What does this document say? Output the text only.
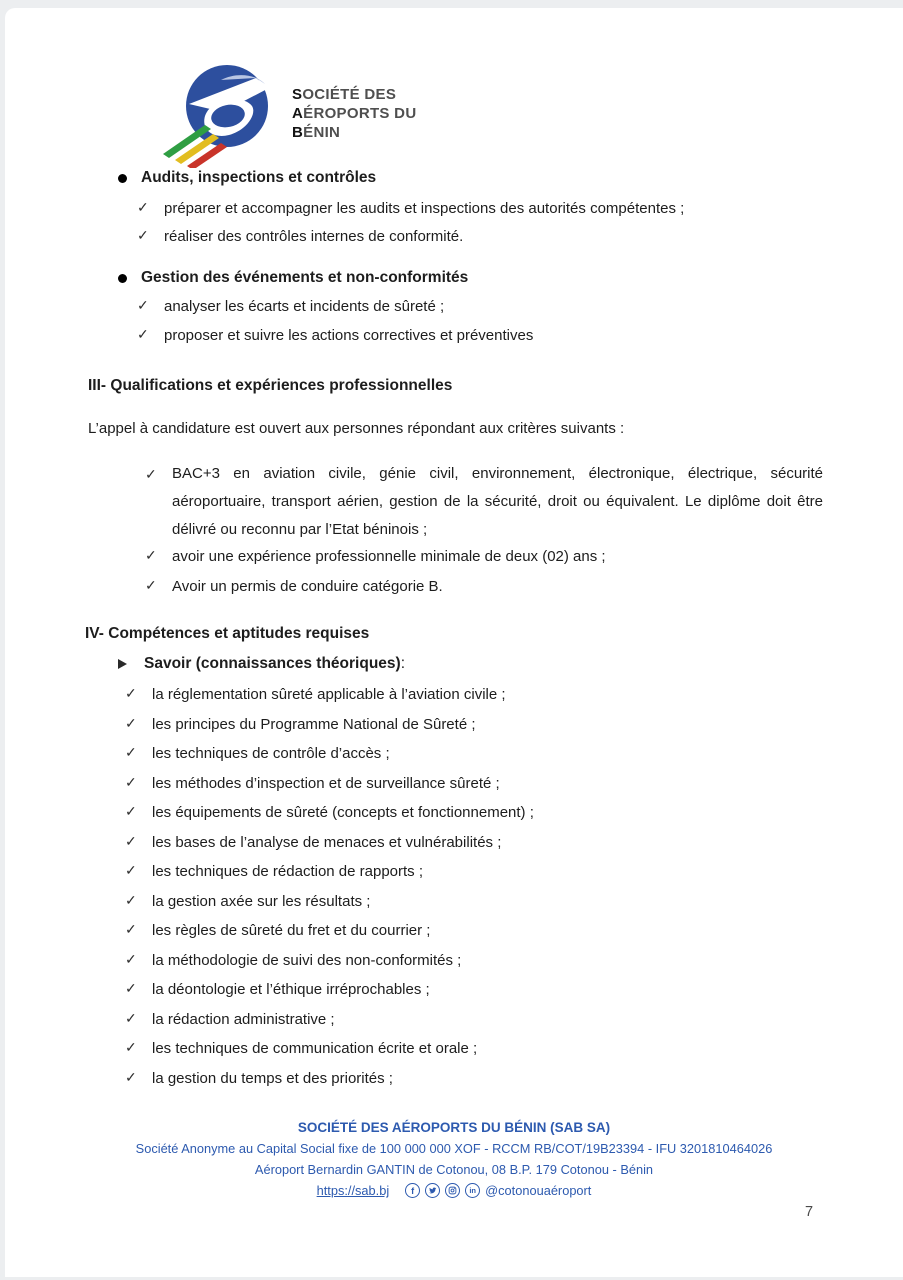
SOCIÉTÉ DES
AÉROPORTS DU
BÉNIN
Audits, inspections et contrôles
✓	préparer et accompagner les audits et inspections des autorités compétentes ;
✓	réaliser des contrôles internes de conformité.
Gestion des événements et non-conformités
✓	analyser les écarts et incidents de sûreté ;
✓	proposer et suivre les actions correctives et préventives
III- Qualifications et expériences professionnelles
L’appel à candidature est ouvert aux personnes répondant aux critères suivants :
✓	BAC+3 en aviation civile, génie civil, environnement, électronique, électrique, sécurité aéroportuaire, transport aérien, gestion de la sécurité, droit ou équivalent. Le diplôme doit être délivré ou reconnu par l’Etat béninois ;
✓	avoir une expérience professionnelle minimale de deux (02) ans ;
✓	Avoir un permis de conduire catégorie B.
IV- Compétences et aptitudes requises
Savoir (connaissances théoriques) :
✓	la réglementation sûreté applicable à l’aviation civile ;
✓	les principes du Programme National de Sûreté ;
✓	les techniques de contrôle d’accès ;
✓	les méthodes d’inspection et de surveillance sûreté ;
✓	les équipements de sûreté (concepts et fonctionnement) ;
✓	les bases de l’analyse de menaces et vulnérabilités ;
✓	les techniques de rédaction de rapports ;
✓	la gestion axée sur les résultats ;
✓	les règles de sûreté du fret et du courrier ;
✓	la méthodologie de suivi des non-conformités ;
✓	la déontologie et l’éthique irréprochables ;
✓	la rédaction administrative ;
✓	les techniques de communication écrite et orale ;
✓	la gestion du temps et des priorités ;
SOCIÉTÉ DES AÉROPORTS DU BÉNIN (SAB SA)
Société Anonyme au Capital Social fixe de 100 000 000 XOF - RCCM RB/COT/19B23394 - IFU 3201810464026
Aéroport Bernardin GANTIN de Cotonou, 08 B.P. 179 Cotonou - Bénin
https://sab.bj	f	in @cotonouaéroport
7
